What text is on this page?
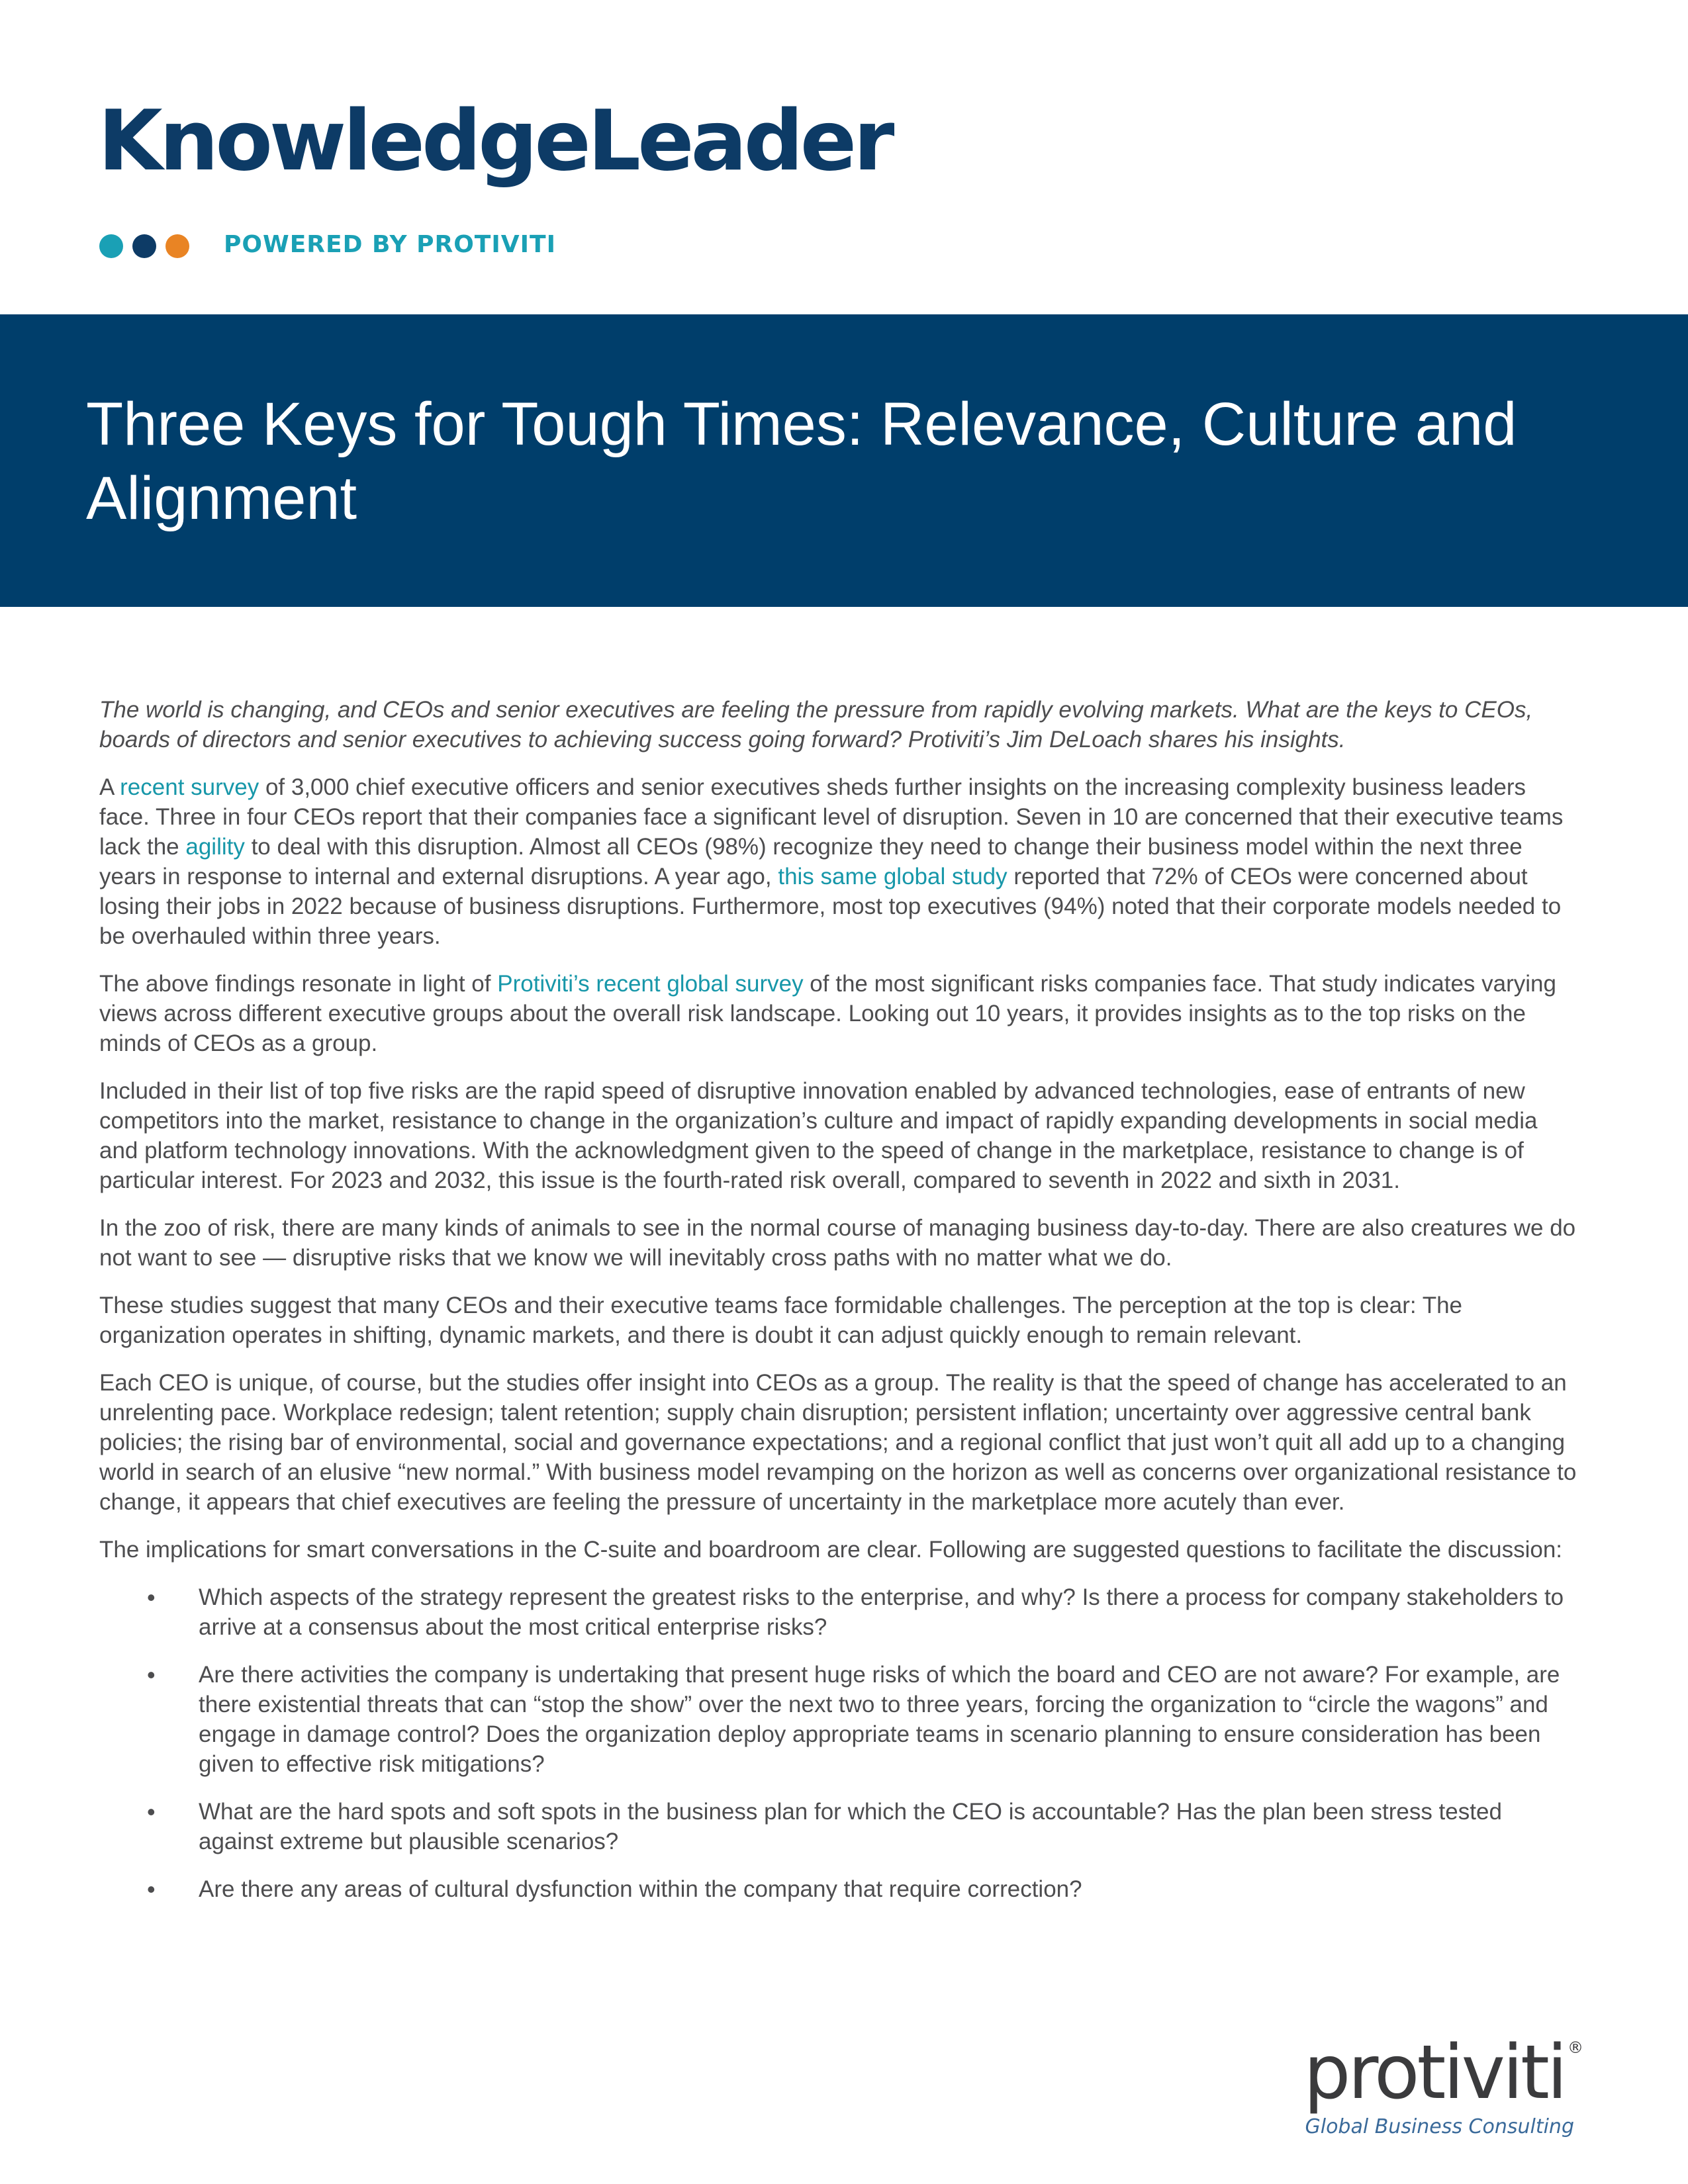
KnowledgeLeader
POWERED BY PROTIVITI
Three Keys for Tough Times: Relevance, Culture and Alignment

The world is changing, and CEOs and senior executives are feeling the pressure from rapidly evolving markets. What are the keys to CEOs, boards of directors and senior executives to achieving success going forward? Protiviti’s Jim DeLoach shares his insights.

A recent survey of 3,000 chief executive officers and senior executives sheds further insights on the increasing complexity business leaders face. Three in four CEOs report that their companies face a significant level of disruption. Seven in 10 are concerned that their executive teams lack the agility to deal with this disruption. Almost all CEOs (98%) recognize they need to change their business model within the next three years in response to internal and external disruptions. A year ago, this same global study reported that 72% of CEOs were concerned about losing their jobs in 2022 because of business disruptions. Furthermore, most top executives (94%) noted that their corporate models needed to be overhauled within three years.

The above findings resonate in light of Protiviti’s recent global survey of the most significant risks companies face. That study indicates varying views across different executive groups about the overall risk landscape. Looking out 10 years, it provides insights as to the top risks on the minds of CEOs as a group.

Included in their list of top five risks are the rapid speed of disruptive innovation enabled by advanced technologies, ease of entrants of new competitors into the market, resistance to change in the organization’s culture and impact of rapidly expanding developments in social media and platform technology innovations. With the acknowledgment given to the speed of change in the marketplace, resistance to change is of particular interest. For 2023 and 2032, this issue is the fourth-rated risk overall, compared to seventh in 2022 and sixth in 2031.

In the zoo of risk, there are many kinds of animals to see in the normal course of managing business day-to-day. There are also creatures we do not want to see — disruptive risks that we know we will inevitably cross paths with no matter what we do.

These studies suggest that many CEOs and their executive teams face formidable challenges. The perception at the top is clear: The organization operates in shifting, dynamic markets, and there is doubt it can adjust quickly enough to remain relevant.

Each CEO is unique, of course, but the studies offer insight into CEOs as a group. The reality is that the speed of change has accelerated to an unrelenting pace. Workplace redesign; talent retention; supply chain disruption; persistent inflation; uncertainty over aggressive central bank policies; the rising bar of environmental, social and governance expectations; and a regional conflict that just won’t quit all add up to a changing world in search of an elusive “new normal.” With business model revamping on the horizon as well as concerns over organizational resistance to change, it appears that chief executives are feeling the pressure of uncertainty in the marketplace more acutely than ever.

The implications for smart conversations in the C-suite and boardroom are clear. Following are suggested questions to facilitate the discussion:

• Which aspects of the strategy represent the greatest risks to the enterprise, and why? Is there a process for company stakeholders to arrive at a consensus about the most critical enterprise risks?
• Are there activities the company is undertaking that present huge risks of which the board and CEO are not aware? For example, are there existential threats that can “stop the show” over the next two to three years, forcing the organization to “circle the wagons” and engage in damage control? Does the organization deploy appropriate teams in scenario planning to ensure consideration has been given to effective risk mitigations?
• What are the hard spots and soft spots in the business plan for which the CEO is accountable? Has the plan been stress tested against extreme but plausible scenarios?
• Are there any areas of cultural dysfunction within the company that require correction?
protiviti ®
Global Business Consulting
